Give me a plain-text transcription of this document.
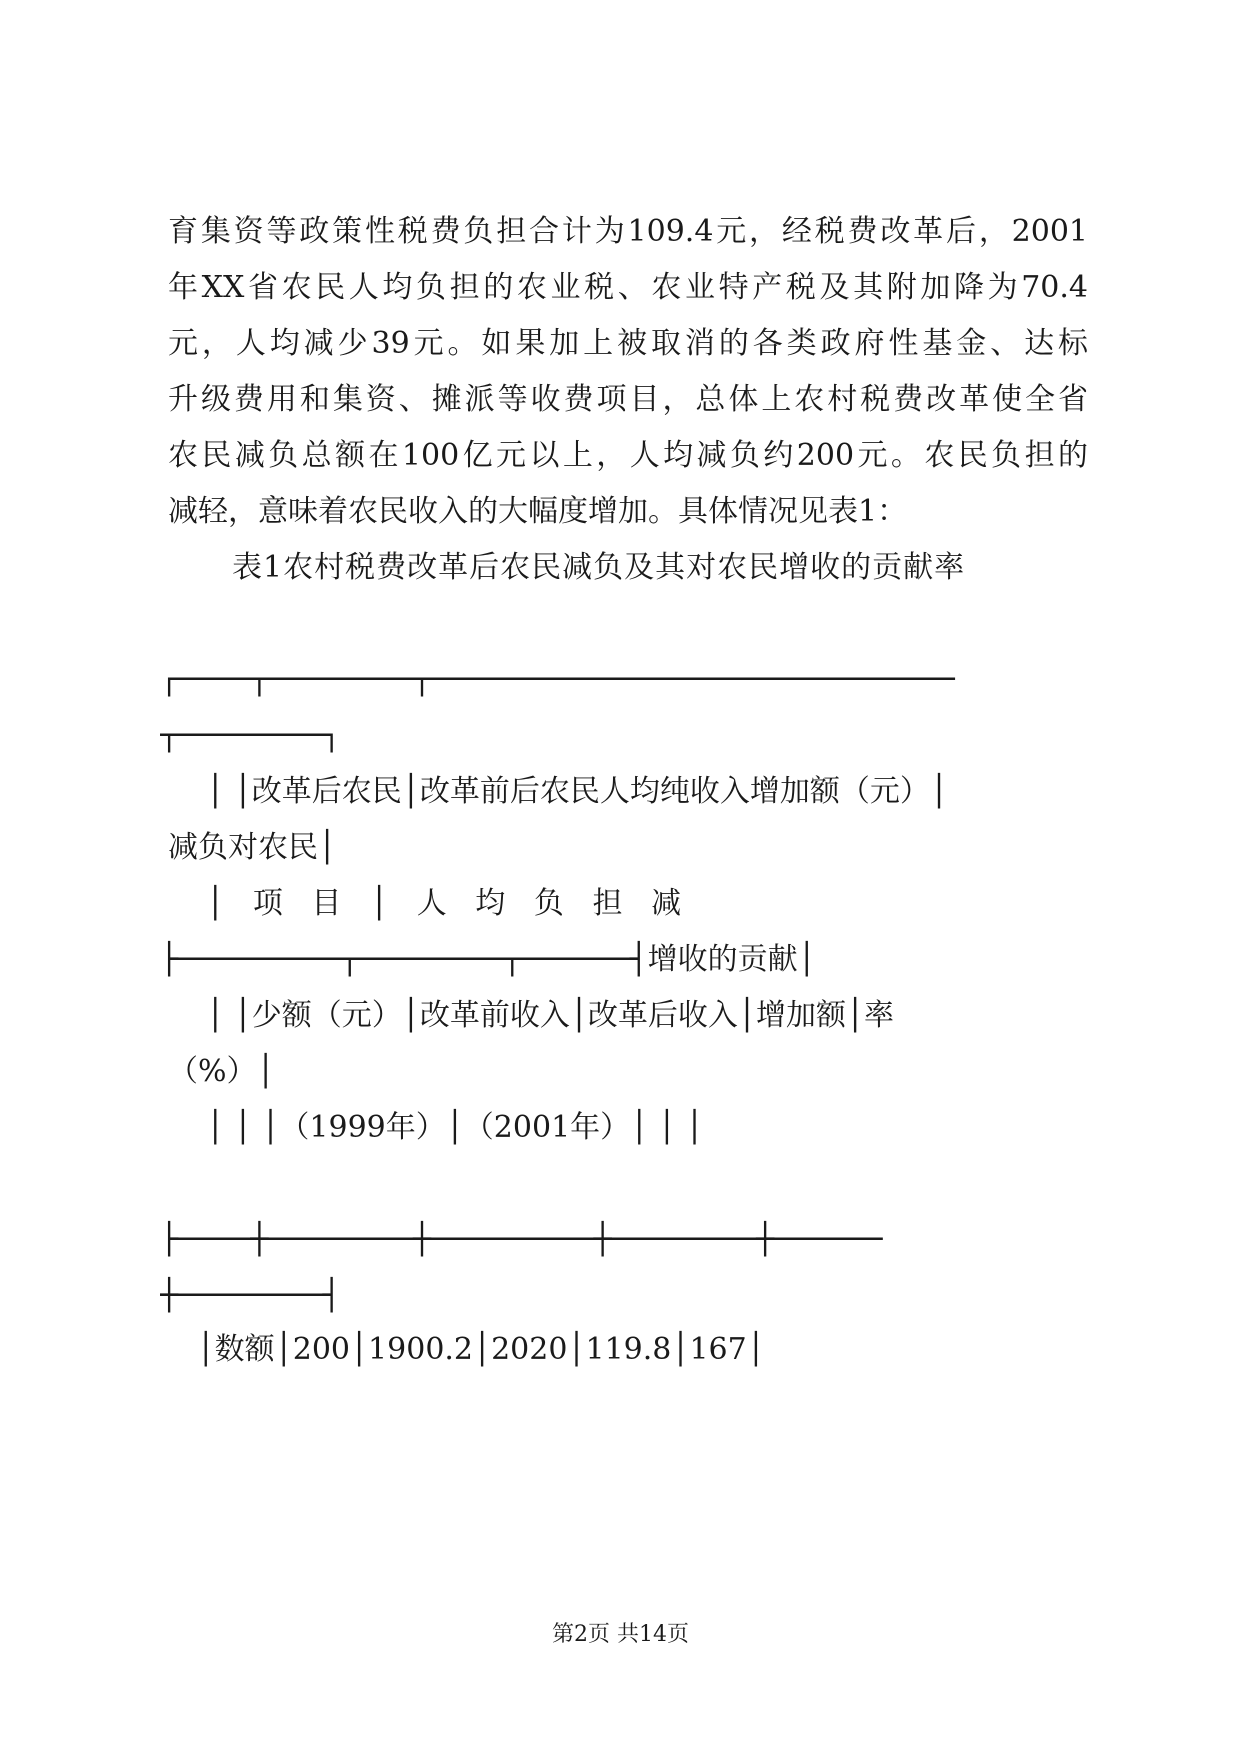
育集资等政策性税费负担合计为109.4元，经税费改革后，2001
年XX省农民人均负担的农业税、农业特产税及其附加降为70.4
元，人均减少39元。如果加上被取消的各类政府性基金、达标
升级费用和集资、摊派等收费项目，总体上农村税费改革使全省
农民减负总额在100亿元以上，人均减负约200元。农民负担的
减轻，意味着农民收入的大幅度增加。具体情况见表1：
表1农村税费改革后农民减负及其对农民增收的贡献率
┌────┬────────┬─────────────────────────────
┬────────┐
│ │改革后农民│改革前后农民人均纯收入增加额（元）│
减负对农民│
│   项   目   │   人   均   负   担   减
├─────────┬────────┬──────┤增收的贡献│
│ │少额（元）│改革前收入│改革后收入│增加额│率
（%）│
│ │ │（1999年）│（2001年）│ │ │
├────┼────────┼─────────┼────────┼──────
┼────────┤
│数额│200│1900.2│2020│119.8│167│
第2页 共14页
